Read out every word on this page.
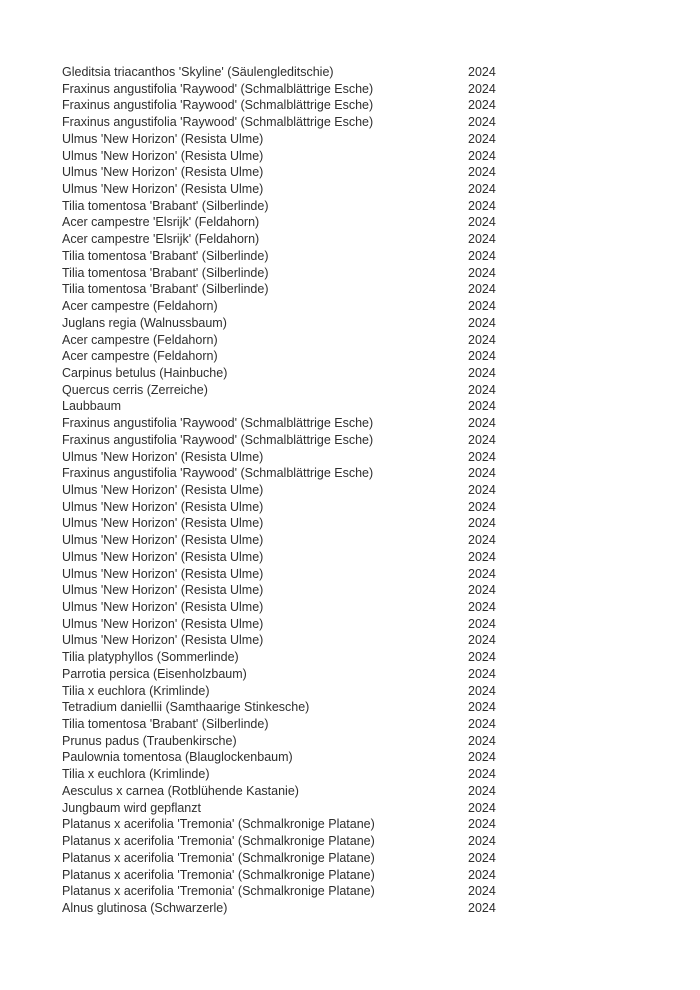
Gleditsia triacanthos 'Skyline' (Säulengleditschie)	2024
Fraxinus angustifolia 'Raywood' (Schmalblättrige Esche)	2024
Fraxinus angustifolia 'Raywood' (Schmalblättrige Esche)	2024
Fraxinus angustifolia 'Raywood' (Schmalblättrige Esche)	2024
Ulmus 'New Horizon' (Resista Ulme)	2024
Ulmus 'New Horizon' (Resista Ulme)	2024
Ulmus 'New Horizon' (Resista Ulme)	2024
Ulmus 'New Horizon' (Resista Ulme)	2024
Tilia tomentosa 'Brabant' (Silberlinde)	2024
Acer campestre 'Elsrijk' (Feldahorn)	2024
Acer campestre 'Elsrijk' (Feldahorn)	2024
Tilia tomentosa 'Brabant' (Silberlinde)	2024
Tilia tomentosa 'Brabant' (Silberlinde)	2024
Tilia tomentosa 'Brabant' (Silberlinde)	2024
Acer campestre (Feldahorn)	2024
Juglans regia (Walnussbaum)	2024
Acer campestre (Feldahorn)	2024
Acer campestre (Feldahorn)	2024
Carpinus betulus (Hainbuche)	2024
Quercus cerris (Zerreiche)	2024
Laubbaum	2024
Fraxinus angustifolia 'Raywood' (Schmalblättrige Esche)	2024
Fraxinus angustifolia 'Raywood' (Schmalblättrige Esche)	2024
Ulmus 'New Horizon' (Resista Ulme)	2024
Fraxinus angustifolia 'Raywood' (Schmalblättrige Esche)	2024
Ulmus 'New Horizon' (Resista Ulme)	2024
Ulmus 'New Horizon' (Resista Ulme)	2024
Ulmus 'New Horizon' (Resista Ulme)	2024
Ulmus 'New Horizon' (Resista Ulme)	2024
Ulmus 'New Horizon' (Resista Ulme)	2024
Ulmus 'New Horizon' (Resista Ulme)	2024
Ulmus 'New Horizon' (Resista Ulme)	2024
Ulmus 'New Horizon' (Resista Ulme)	2024
Ulmus 'New Horizon' (Resista Ulme)	2024
Ulmus 'New Horizon' (Resista Ulme)	2024
Tilia platyphyllos (Sommerlinde)	2024
Parrotia persica (Eisenholzbaum)	2024
Tilia x euchlora (Krimlinde)	2024
Tetradium daniellii (Samthaarige Stinkesche)	2024
Tilia tomentosa 'Brabant' (Silberlinde)	2024
Prunus padus (Traubenkirsche)	2024
Paulownia tomentosa (Blauglockenbaum)	2024
Tilia x euchlora (Krimlinde)	2024
Aesculus x carnea (Rotblühende Kastanie)	2024
Jungbaum wird gepflanzt	2024
Platanus x acerifolia 'Tremonia' (Schmalkronige Platane)	2024
Platanus x acerifolia 'Tremonia' (Schmalkronige Platane)	2024
Platanus x acerifolia 'Tremonia' (Schmalkronige Platane)	2024
Platanus x acerifolia 'Tremonia' (Schmalkronige Platane)	2024
Platanus x acerifolia 'Tremonia' (Schmalkronige Platane)	2024
Alnus glutinosa (Schwarzerle)	2024
